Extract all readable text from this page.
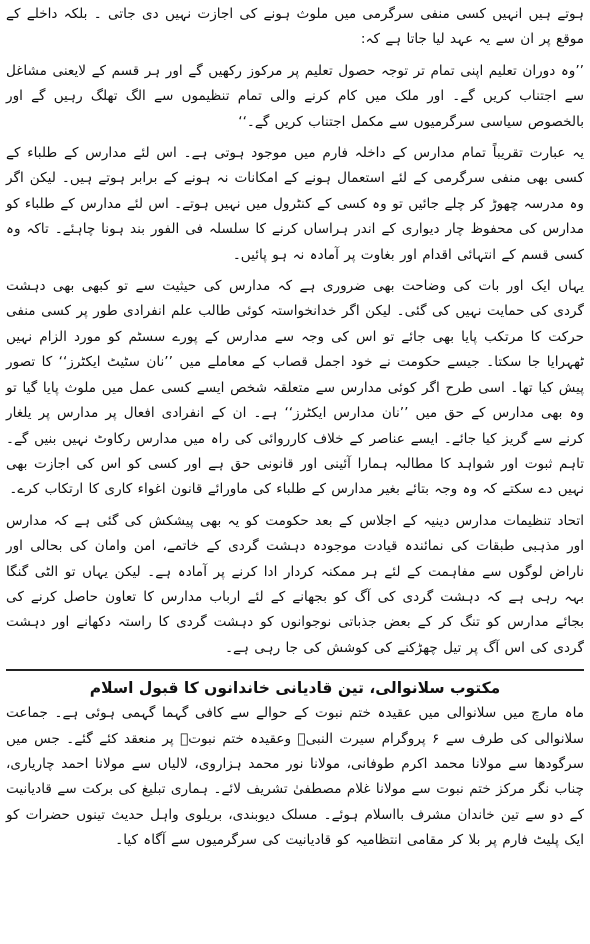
ہوتے ہیں انہیں کسی منفی سرگرمی میں ملوث ہونے کی اجازت نہیں دی جاتی ۔ بلکہ داخلے کے موقع پر ان سے یہ عہد لیا جاتا ہے کہ:

’’وہ دوران تعلیم اپنی تمام تر توجہ حصول تعلیم پر مرکوز رکھیں گے اور ہر قسم کے لایعنی مشاغل سے اجتناب کریں گے۔ اور ملک میں کام کرنے والی تمام تنظیموں سے الگ تھلگ رہیں گے اور بالخصوص سیاسی سرگرمیوں سے مکمل اجتناب کریں گے۔‘‘

یہ عبارت تقریباً تمام مدارس کے داخلہ فارم میں موجود ہوتی ہے۔ اس لئے مدارس کے طلباء کے کسی بھی منفی سرگرمی کے لئے استعمال ہونے کے امکانات نہ ہونے کے برابر ہوتے ہیں۔ لیکن اگر وہ مدرسہ چھوڑ کر چلے جائیں تو وہ کسی کے کنٹرول میں نہیں ہوتے۔ اس لئے مدارس کے طلباء کو مدارس کی محفوظ چار دیواری کے اندر ہراساں کرنے کا سلسلہ فی الفور بند ہونا چاہئے۔ تاکہ وہ کسی قسم کے انتہائی اقدام اور بغاوت پر آمادہ نہ ہو پائیں۔

یہاں ایک اور بات کی وضاحت بھی ضروری ہے کہ مدارس کی حیثیت سے تو کبھی بھی دہشت گردی کی حمایت نہیں کی گئی۔ لیکن اگر خدانخواستہ کوئی طالب علم انفرادی طور پر کسی منفی حرکت کا مرتکب پایا بھی جائے تو اس کی وجہ سے مدارس کے پورے سسٹم کو مورد الزام نہیں ٹھہرایا جا سکتا۔ جیسے حکومت نے خود اجمل قصاب کے معاملے میں ’’نان سٹیٹ ایکٹرز‘‘ کا تصور پیش کیا تھا۔ اسی طرح اگر کوئی مدارس سے متعلقہ شخص ایسے کسی عمل میں ملوث پایا گیا تو وہ بھی مدارس کے حق میں ’’نان مدارس ایکٹرز‘‘ ہے۔ ان کے انفرادی افعال پر مدارس پر یلغار کرنے سے گریز کیا جائے۔ ایسے عناصر کے خلاف کارروائی کی راہ میں مدارس رکاوٹ نہیں بنیں گے۔ تاہم ثبوت اور شواہد کا مطالبہ ہمارا آئینی اور قانونی حق ہے اور کسی کو اس کی اجازت بھی نہیں دے سکتے کہ وہ وجہ بتائے بغیر مدارس کے طلباء کی ماورائے قانون اغواء کاری کا ارتکاب کرے۔

اتحاد تنظیمات مدارس دینیہ کے اجلاس کے بعد حکومت کو یہ بھی پیشکش کی گئی ہے کہ مدارس اور مذہبی طبقات کی نمائندہ قیادت موجودہ دہشت گردی کے خاتمے، امن وامان کی بحالی اور ناراض لوگوں سے مفاہمت کے لئے ہر ممکنہ کردار ادا کرنے پر آمادہ ہے۔ لیکن یہاں تو الٹی گنگا بہہ رہی ہے کہ دہشت گردی کی آگ کو بجھانے کے لئے ارباب مدارس کا تعاون حاصل کرنے کی بجائے مدارس کو تنگ کر کے بعض جذباتی نوجوانوں کو دہشت گردی کا راستہ دکھانے اور دہشت گردی کی اس آگ پر تیل چھڑکنے کی کوشش کی جا رہی ہے۔

مکتوب سلانوالی، تین قادیانی خاندانوں کا قبول اسلام

ماہ مارچ میں سلانوالی میں عقیدہ ختم نبوت کے حوالے سے کافی گہما گہمی ہوئی ہے۔ جماعت سلانوالی کی طرف سے ۶ پروگرام سیرت النبیؐ وعقیدہ ختم نبوتؐ پر منعقد کئے گئے۔ جس میں سرگودھا سے مولانا محمد اکرم طوفانی، مولانا نور محمد ہزاروی، لالیاں سے مولانا احمد چاریاری، چناب نگر مرکز ختم نبوت سے مولانا غلام مصطفیٰ تشریف لائے۔ ہماری تبلیغ کی برکت سے قادیانیت کے دو سے تین خاندان مشرف بااسلام ہوئے۔ مسلک دیوبندی، بریلوی واہل حدیث تینوں حضرات کو ایک پلیٹ فارم پر بلا کر مقامی انتظامیہ کو قادیانیت کی سرگرمیوں سے آگاہ کیا۔
